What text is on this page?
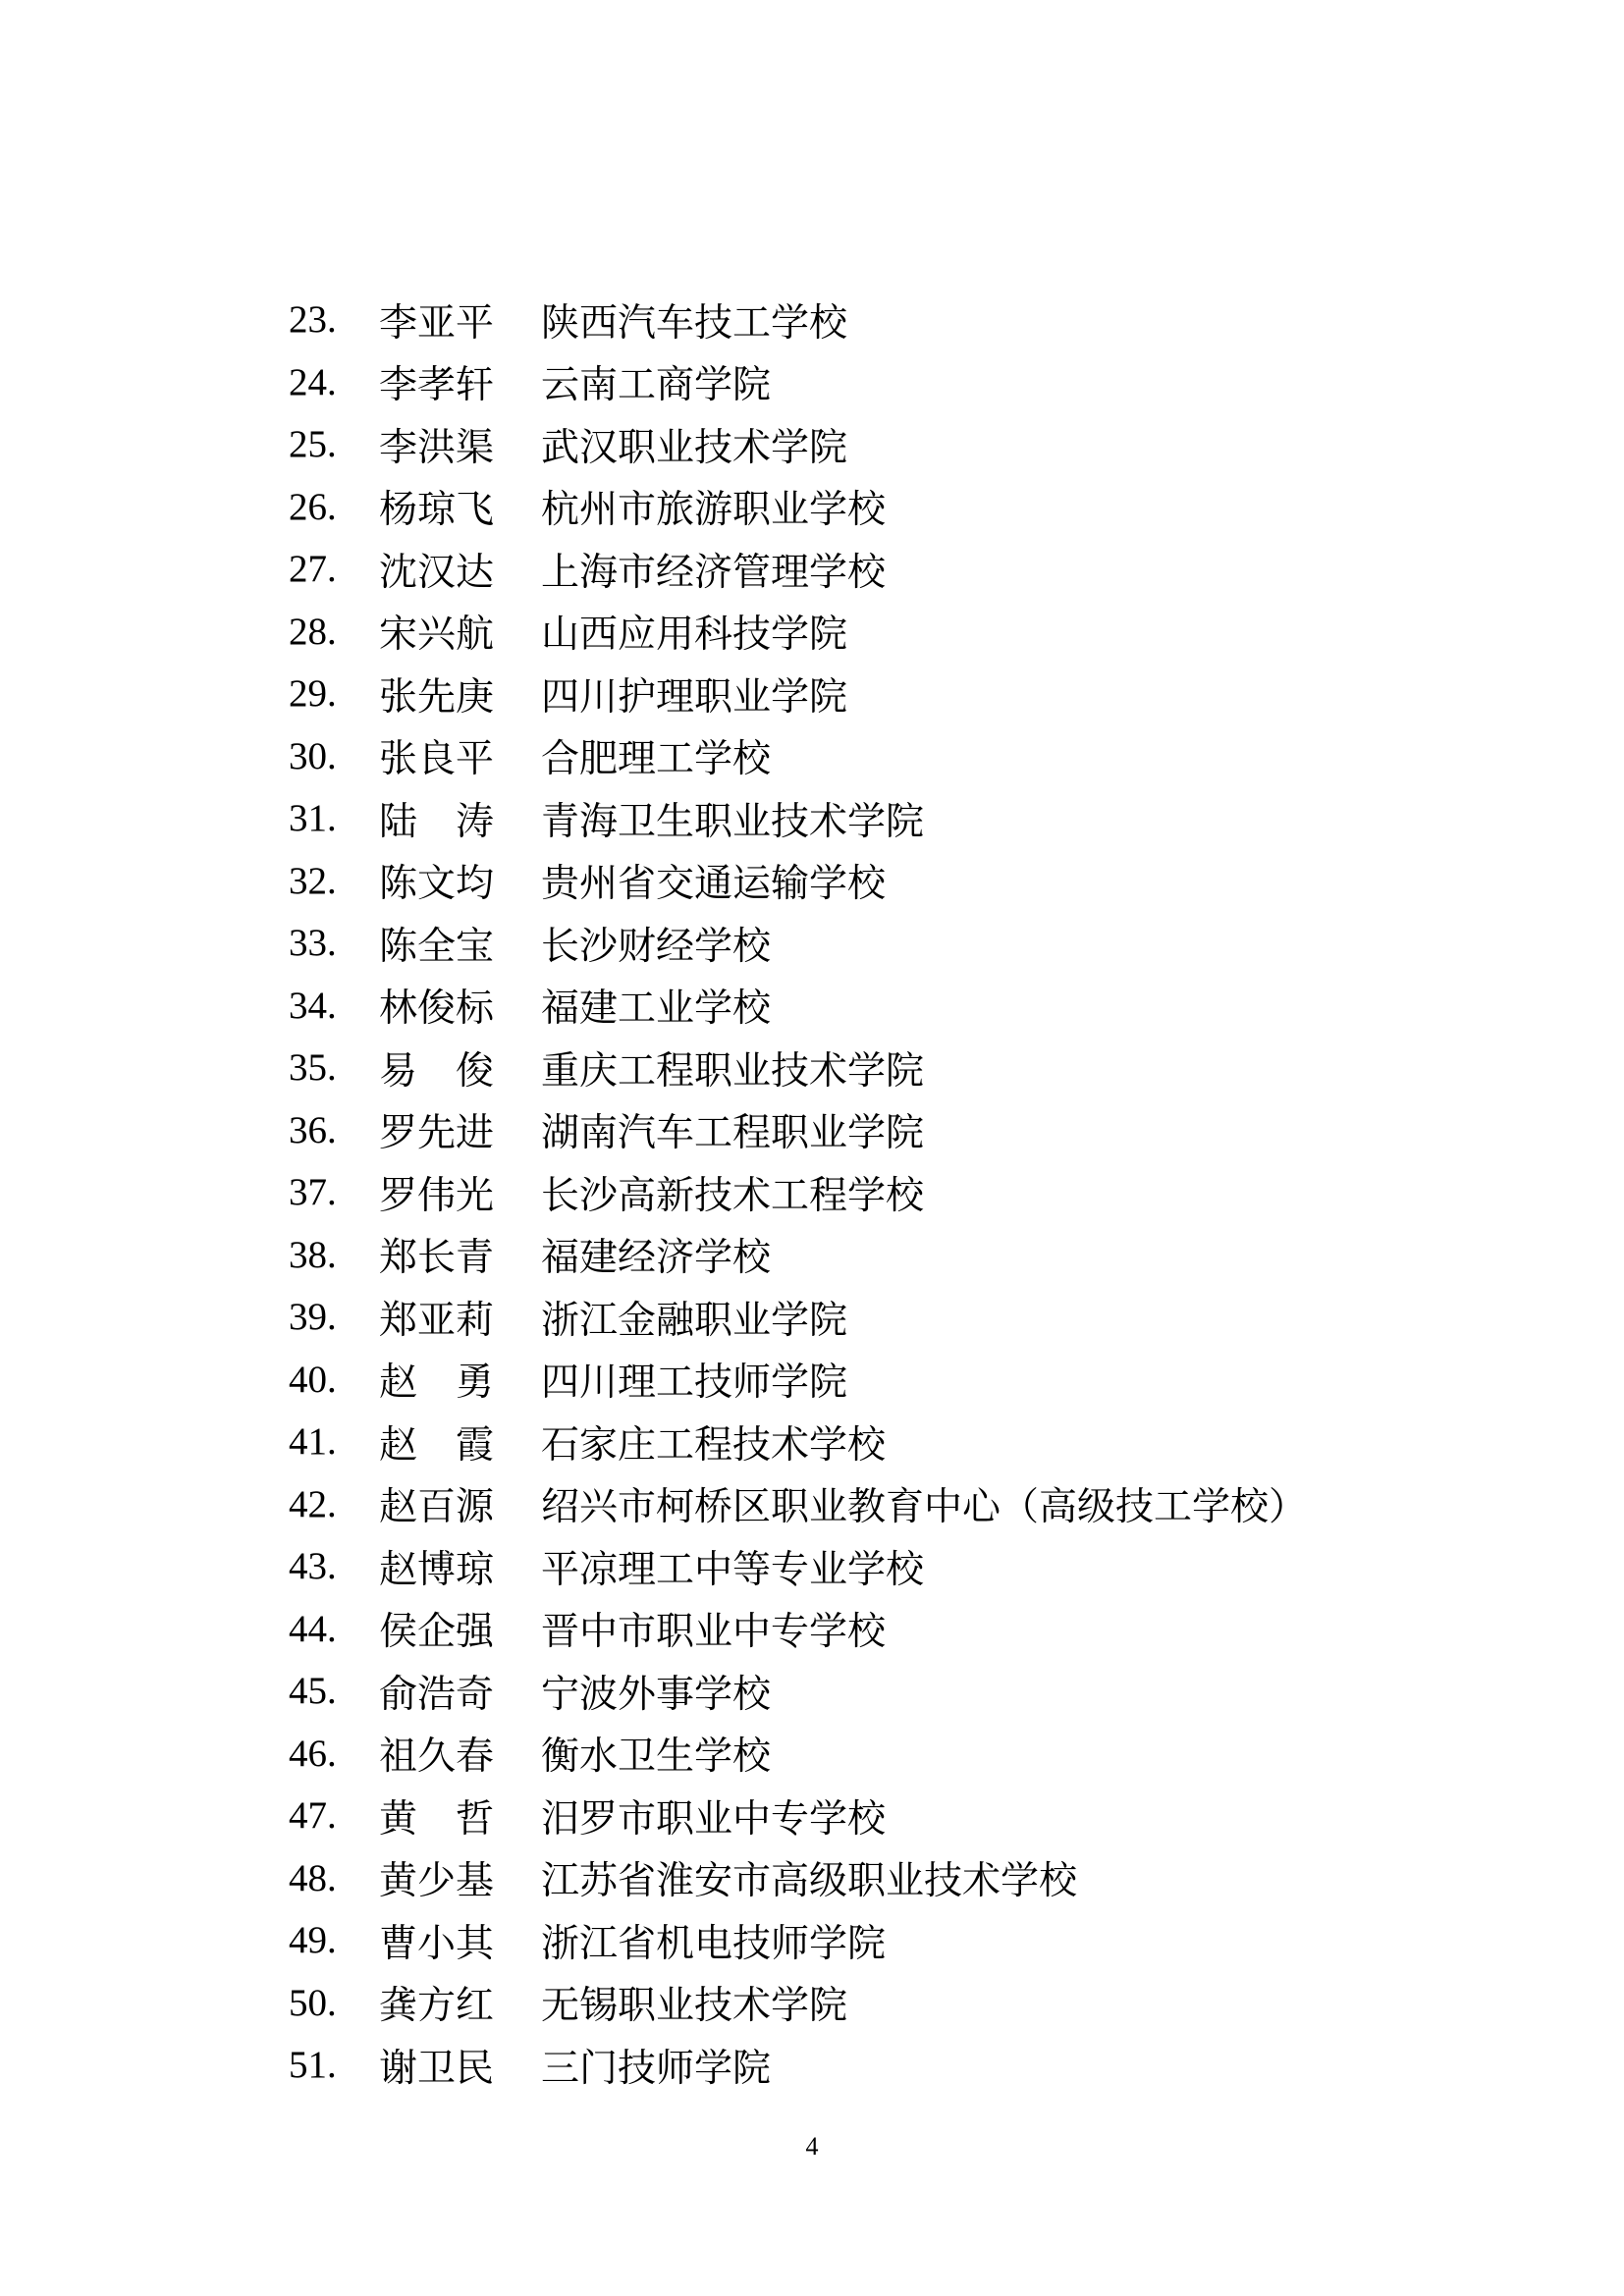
23.	李亚平 陕西汽车技工学校
24.	李孝轩 云南工商学院
25.	李洪渠 武汉职业技术学院
26.	杨琼飞 杭州市旅游职业学校
27.	沈汉达 上海市经济管理学校
28.	宋兴航 山西应用科技学院
29.	张先庚 四川护理职业学院
30.	张良平 合肥理工学校
31.	陆　涛 青海卫生职业技术学院
32.	陈文均 贵州省交通运输学校
33.	陈全宝 长沙财经学校
34.	林俊标 福建工业学校
35.	易　俊 重庆工程职业技术学院
36.	罗先进 湖南汽车工程职业学院
37.	罗伟光 长沙高新技术工程学校
38.	郑长青 福建经济学校
39.	郑亚莉 浙江金融职业学院
40.	赵　勇 四川理工技师学院
41.	赵　霞 石家庄工程技术学校
42.	赵百源 绍兴市柯桥区职业教育中心（高级技工学校）
43.	赵博琼 平凉理工中等专业学校
44.	侯企强 晋中市职业中专学校
45.	俞浩奇 宁波外事学校
46.	祖久春 衡水卫生学校
47.	黄　哲 汨罗市职业中专学校
48.	黄少基 江苏省淮安市高级职业技术学校
49.	曹小其 浙江省机电技师学院
50.	龚方红 无锡职业技术学院
51.	谢卫民 三门技师学院
4
